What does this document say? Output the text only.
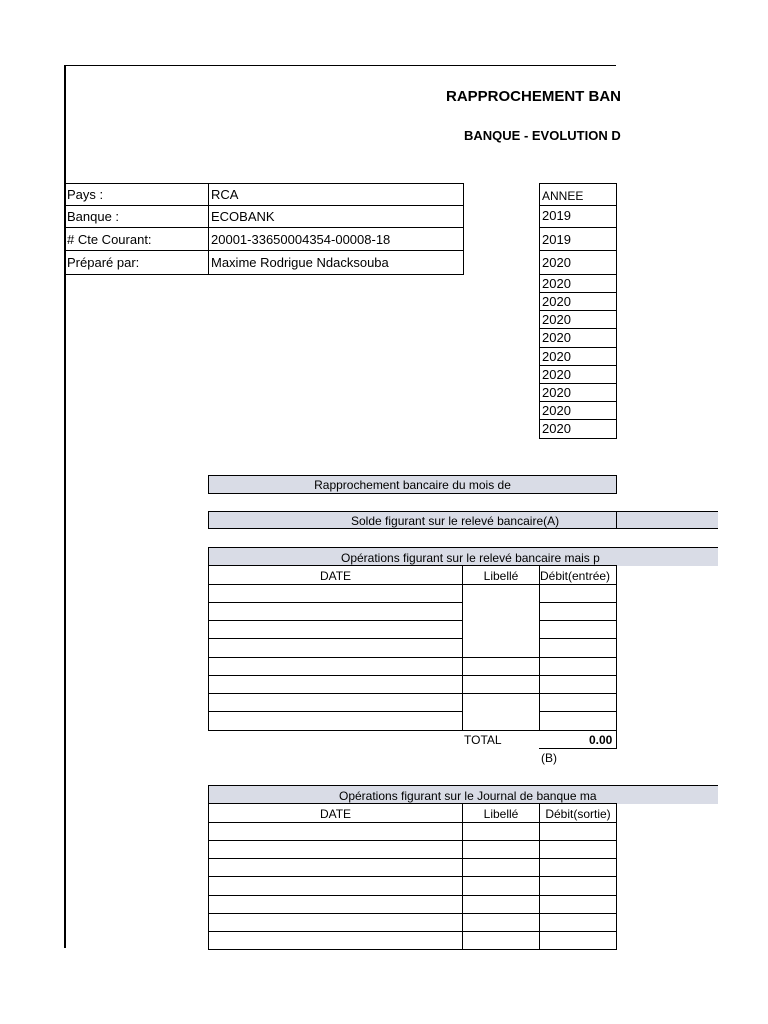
RAPPROCHEMENT BAN
BANQUE - EVOLUTION D
Pays :	RCA
Banque :	ECOBANK
# Cte Courant:	20001-33650004354-00008-18
Préparé par:	Maxime Rodrigue Ndacksouba
ANNEE
2019
2019
2020
2020
2020
2020
2020
2020
2020
2020
2020
2020
Rapprochement bancaire du mois de
Solde figurant sur le relevé bancaire(A)
Opérations figurant sur le relevé bancaire mais p
DATE	Libellé	Débit(entrée)
TOTAL	0.00
(B)
Opérations figurant sur le Journal de banque ma
DATE	Libellé	Débit(sortie)
